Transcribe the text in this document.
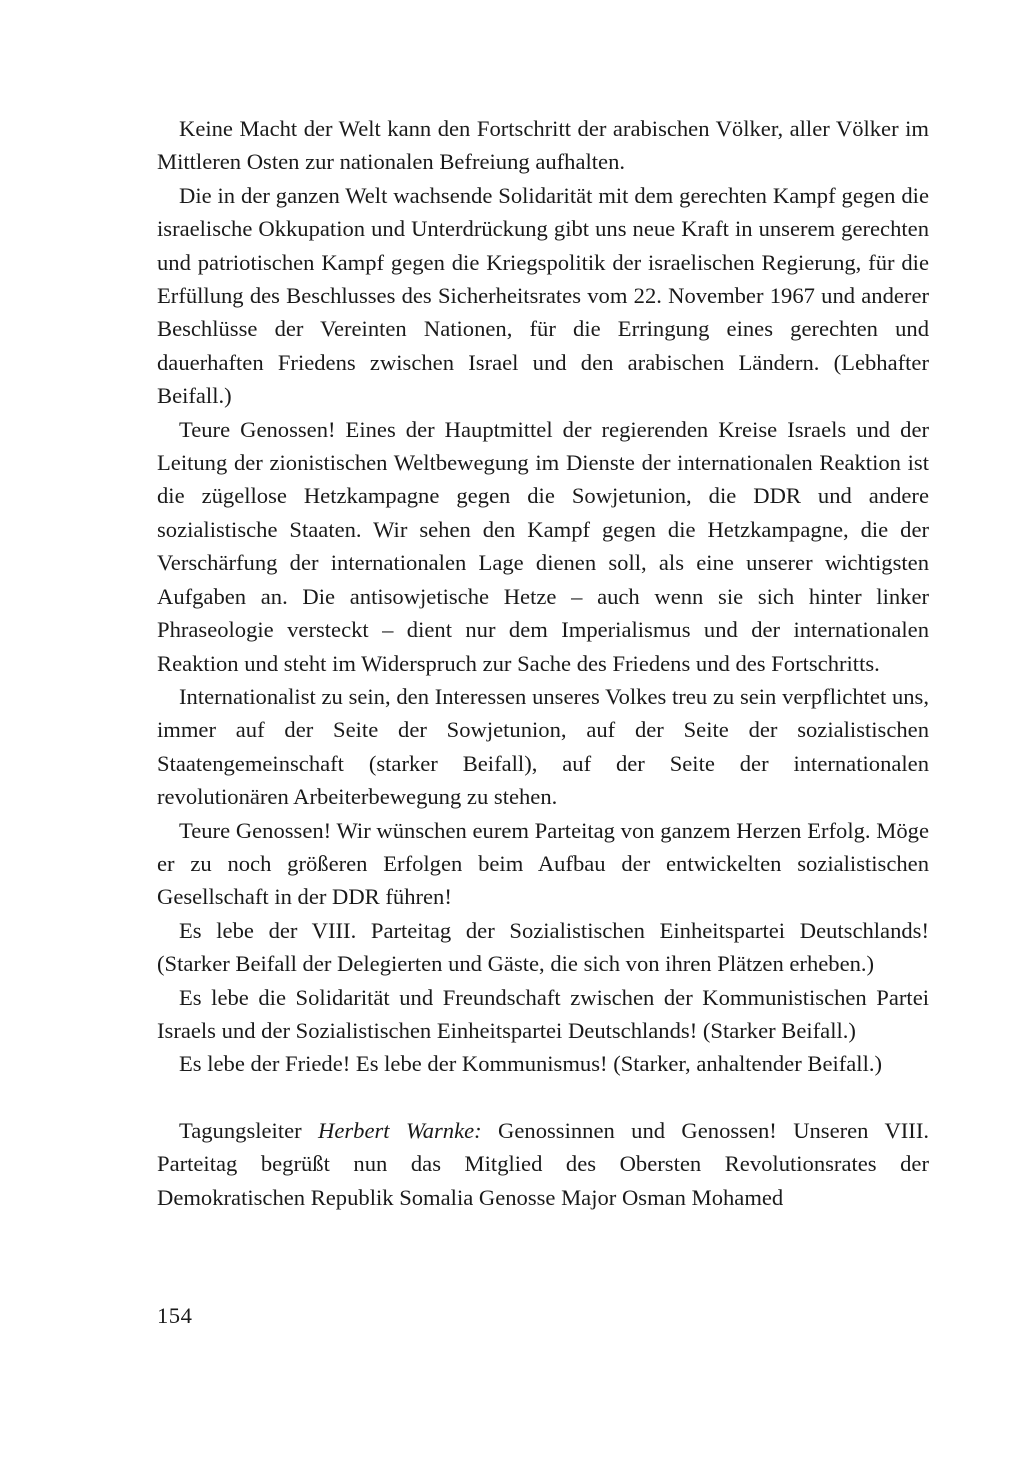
Keine Macht der Welt kann den Fortschritt der arabischen Völker, aller Völker im Mittleren Osten zur nationalen Befreiung aufhalten.

Die in der ganzen Welt wachsende Solidarität mit dem gerechten Kampf gegen die israelische Okkupation und Unterdrückung gibt uns neue Kraft in unserem gerechten und patriotischen Kampf gegen die Kriegspolitik der israelischen Regierung, für die Erfüllung des Beschlusses des Sicherheitsrates vom 22. November 1967 und anderer Beschlüsse der Vereinten Nationen, für die Erringung eines gerechten und dauerhaften Friedens zwischen Israel und den arabischen Ländern. (Lebhafter Beifall.)

Teure Genossen! Eines der Hauptmittel der regierenden Kreise Israels und der Leitung der zionistischen Weltbewegung im Dienste der internationalen Reaktion ist die zügellose Hetzkampagne gegen die Sowjetunion, die DDR und andere sozialistische Staaten. Wir sehen den Kampf gegen die Hetzkampagne, die der Verschärfung der internationalen Lage dienen soll, als eine unserer wichtigsten Aufgaben an. Die antisowjetische Hetze – auch wenn sie sich hinter linker Phraseologie versteckt – dient nur dem Imperialismus und der internationalen Reaktion und steht im Widerspruch zur Sache des Friedens und des Fortschritts.

Internationalist zu sein, den Interessen unseres Volkes treu zu sein verpflichtet uns, immer auf der Seite der Sowjetunion, auf der Seite der sozialistischen Staatengemeinschaft (starker Beifall), auf der Seite der internationalen revolutionären Arbeiterbewegung zu stehen.

Teure Genossen! Wir wünschen eurem Parteitag von ganzem Herzen Erfolg. Möge er zu noch größeren Erfolgen beim Aufbau der entwickelten sozialistischen Gesellschaft in der DDR führen!

Es lebe der VIII. Parteitag der Sozialistischen Einheitspartei Deutschlands! (Starker Beifall der Delegierten und Gäste, die sich von ihren Plätzen erheben.)

Es lebe die Solidarität und Freundschaft zwischen der Kommunistischen Partei Israels und der Sozialistischen Einheitspartei Deutschlands! (Starker Beifall.)

Es lebe der Friede! Es lebe der Kommunismus! (Starker, anhaltender Beifall.)

Tagungsleiter Herbert Warnke: Genossinnen und Genossen! Unseren VIII. Parteitag begrüßt nun das Mitglied des Obersten Revolutionsrates der Demokratischen Republik Somalia Genosse Major Osman Mohamed

154
